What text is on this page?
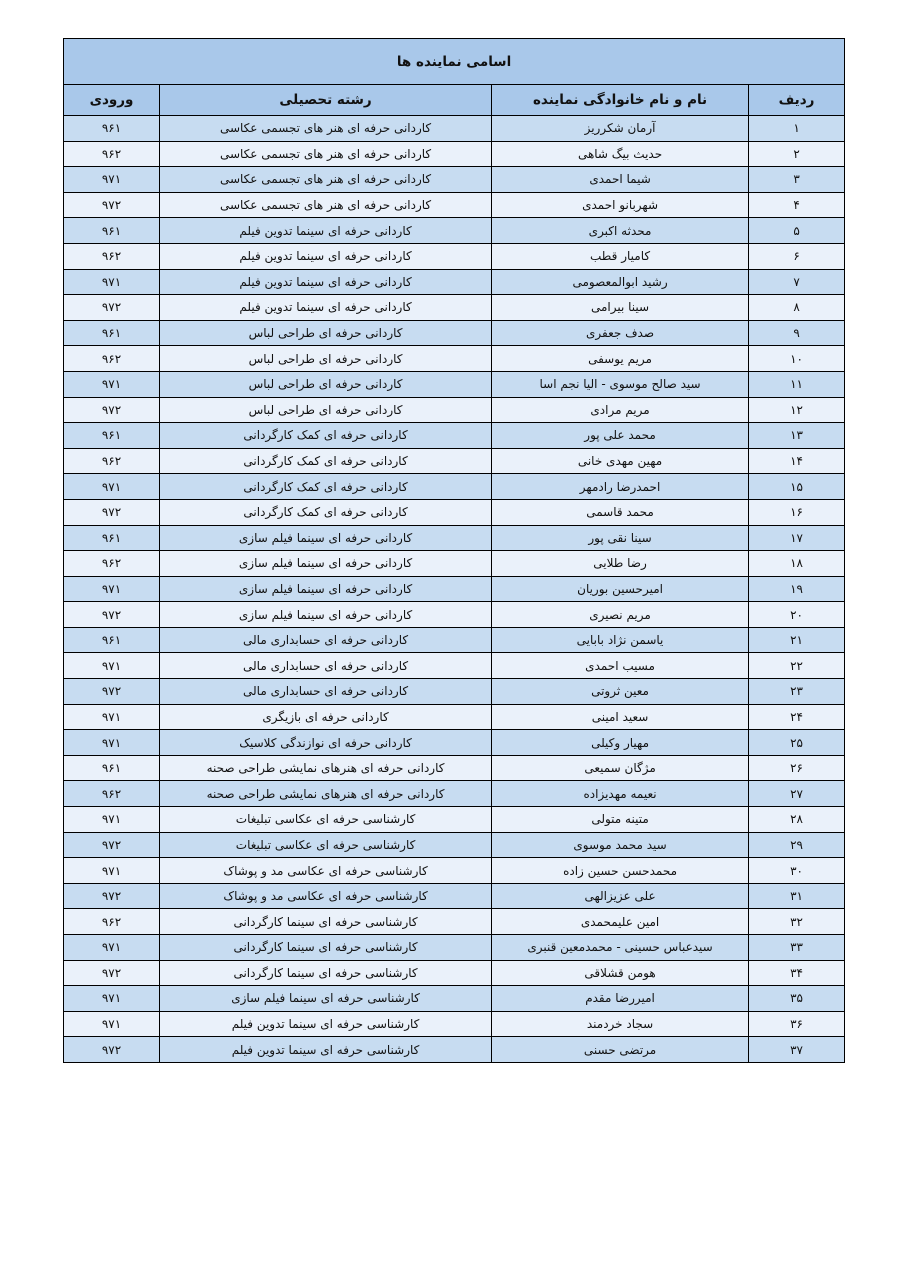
اسامی نماینده ها			
ردیف	نام و نام خانوادگی نماینده	رشته تحصیلی	ورودی
۱	آرمان شکرریز	کاردانی حرفه ای هنر های تجسمی عکاسی	۹۶۱
۲	حدیث بیگ شاهی	کاردانی حرفه ای هنر های تجسمی عکاسی	۹۶۲
۳	شیما احمدی	کاردانی حرفه ای هنر های تجسمی عکاسی	۹۷۱
۴	شهربانو احمدی	کاردانی حرفه ای هنر های تجسمی عکاسی	۹۷۲
۵	محدثه اکبری	کاردانی حرفه ای سینما تدوین فیلم	۹۶۱
۶	کامیار قطب	کاردانی حرفه ای سینما تدوین فیلم	۹۶۲
۷	رشید ابوالمعصومی	کاردانی حرفه ای سینما تدوین فیلم	۹۷۱
۸	سینا بیرامی	کاردانی حرفه ای سینما تدوین فیلم	۹۷۲
۹	صدف جعفری	کاردانی حرفه ای طراحی لباس	۹۶۱
۱۰	مریم یوسفی	کاردانی حرفه ای طراحی لباس	۹۶۲
۱۱	سید صالح موسوی - الیا نجم اسا	کاردانی حرفه ای طراحی لباس	۹۷۱
۱۲	مریم مرادی	کاردانی حرفه ای طراحی لباس	۹۷۲
۱۳	محمد علی پور	کاردانی حرفه ای کمک کارگردانی	۹۶۱
۱۴	مهین مهدی خانی	کاردانی حرفه ای کمک کارگردانی	۹۶۲
۱۵	احمدرضا رادمهر	کاردانی حرفه ای کمک کارگردانی	۹۷۱
۱۶	محمد قاسمی	کاردانی حرفه ای کمک کارگردانی	۹۷۲
۱۷	سینا نقی پور	کاردانی حرفه ای سینما فیلم سازی	۹۶۱
۱۸	رضا طلایی	کاردانی حرفه ای سینما فیلم سازی	۹۶۲
۱۹	امیرحسین بوریان	کاردانی حرفه ای سینما فیلم سازی	۹۷۱
۲۰	مریم نصیری	کاردانی حرفه ای سینما فیلم سازی	۹۷۲
۲۱	یاسمن نژاد بابایی	کاردانی حرفه ای حسابداری مالی	۹۶۱
۲۲	مسیب احمدی	کاردانی حرفه ای حسابداری مالی	۹۷۱
۲۳	معین ثروتی	کاردانی حرفه ای حسابداری مالی	۹۷۲
۲۴	سعید امینی	کاردانی حرفه ای بازیگری	۹۷۱
۲۵	مهیار وکیلی	کاردانی حرفه ای نوازندگی کلاسیک	۹۷۱
۲۶	مژگان سمیعی	کاردانی حرفه ای هنرهای نمایشی طراحی صحنه	۹۶۱
۲۷	نعیمه مهدیزاده	کاردانی حرفه ای هنرهای نمایشی طراحی صحنه	۹۶۲
۲۸	متینه متولی	کارشناسی حرفه ای عکاسی تبلیغات	۹۷۱
۲۹	سید محمد موسوی	کارشناسی حرفه ای عکاسی تبلیغات	۹۷۲
۳۰	محمدحسن حسین زاده	کارشناسی حرفه ای عکاسی مد و پوشاک	۹۷۱
۳۱	علی عزیزالهی	کارشناسی حرفه ای عکاسی مد و پوشاک	۹۷۲
۳۲	امین علیمحمدی	کارشناسی حرفه ای سینما کارگردانی	۹۶۲
۳۳	سیدعباس حسینی - محمدمعین قنبری	کارشناسی حرفه ای سینما کارگردانی	۹۷۱
۳۴	هومن قشلاقی	کارشناسی حرفه ای سینما کارگردانی	۹۷۲
۳۵	امیررضا مقدم	کارشناسی حرفه ای سینما فیلم سازی	۹۷۱
۳۶	سجاد خردمند	کارشناسی حرفه ای سینما تدوین فیلم	۹۷۱
۳۷	مرتضی حسنی	کارشناسی حرفه ای سینما تدوین فیلم	۹۷۲
